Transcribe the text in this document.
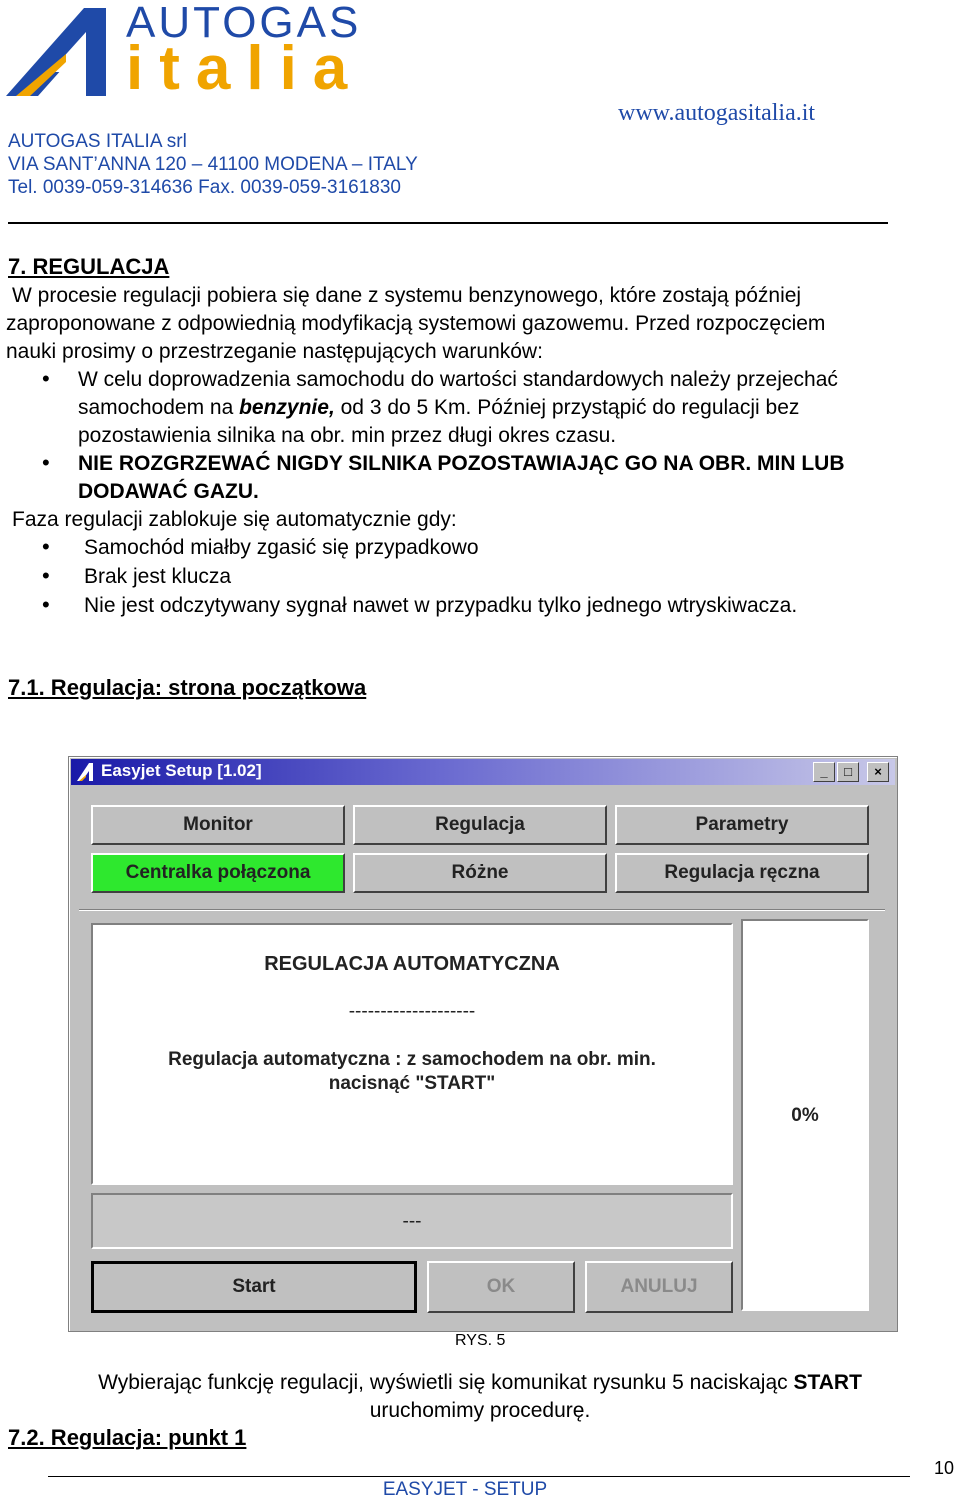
AUTOGAS
italia
www.autogasitalia.it
AUTOGAS ITALIA srl
VIA SANT’ANNA 120 – 41100 MODENA – ITALY
Tel. 0039-059-314636 Fax. 0039-059-3161830
7. REGULACJA
W procesie regulacji pobiera się dane z systemu benzynowego, które zostają później
zaproponowane z odpowiednią modyfikacją systemowi gazowemu. Przed rozpoczęciem
nauki prosimy o przestrzeganie następujących warunków:
• W celu doprowadzenia samochodu do wartości standardowych należy przejechać
samochodem na benzynie, od 3 do 5 Km. Później przystąpić do regulacji bez
pozostawienia silnika na obr. min przez długi okres czasu.
• NIE ROZGRZEWAĆ NIGDY SILNIKA POZOSTAWIAJĄC GO NA OBR. MIN LUB
DODAWAĆ GAZU.
Faza regulacji zablokuje się automatycznie gdy:
• Samochód miałby zgasić się przypadkowo
• Brak jest klucza
• Nie jest odczytywany sygnał nawet w przypadku tylko jednego wtryskiwacza.
7.1. Regulacja: strona początkowa
Easyjet Setup [1.02]	_	□	×
Monitor	Regulacja	Parametry
Centralka połączona	Różne	Regulacja ręczna
REGULACJA AUTOMATYCZNA
--------------------
Regulacja automatyczna : z samochodem na obr. min.
nacisnąć "START"
---
0%
Start	OK	ANULUJ
RYS. 5
Wybierając funkcję regulacji, wyświetli się komunikat rysunku 5 naciskając START
uruchomimy procedurę.
7.2. Regulacja: punkt 1
10
EASYJET - SETUP
